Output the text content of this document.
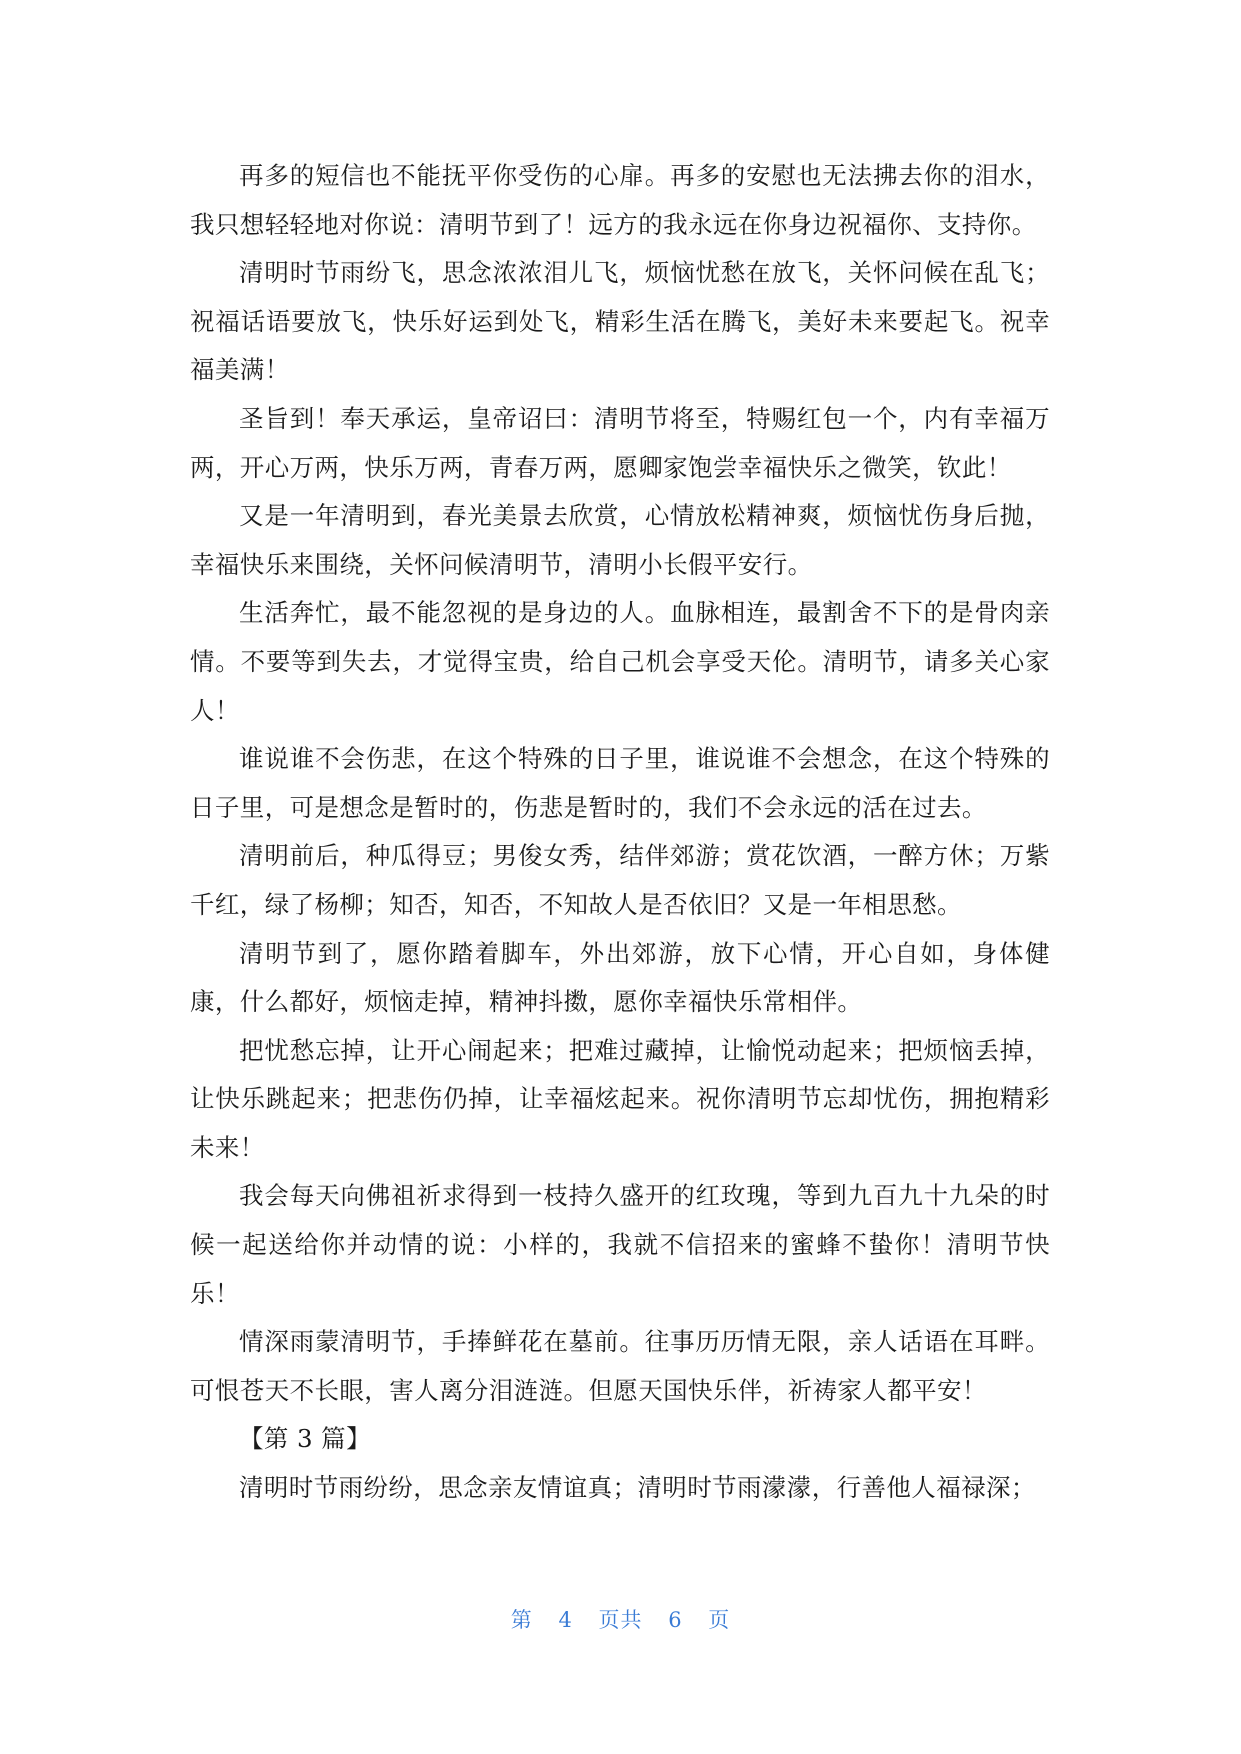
再多的短信也不能抚平你受伤的心扉。再多的安慰也无法拂去你的泪水，我只想轻轻地对你说：清明节到了！远方的我永远在你身边祝福你、支持你。

清明时节雨纷飞，思念浓浓泪儿飞，烦恼忧愁在放飞，关怀问候在乱飞；祝福话语要放飞，快乐好运到处飞，精彩生活在腾飞，美好未来要起飞。祝幸福美满！

圣旨到！奉天承运，皇帝诏曰：清明节将至，特赐红包一个，内有幸福万两，开心万两，快乐万两，青春万两，愿卿家饱尝幸福快乐之微笑，钦此！

又是一年清明到，春光美景去欣赏，心情放松精神爽，烦恼忧伤身后抛，幸福快乐来围绕，关怀问候清明节，清明小长假平安行。

生活奔忙，最不能忽视的是身边的人。血脉相连，最割舍不下的是骨肉亲情。不要等到失去，才觉得宝贵，给自己机会享受天伦。清明节，请多关心家人！

谁说谁不会伤悲，在这个特殊的日子里，谁说谁不会想念，在这个特殊的日子里，可是想念是暂时的，伤悲是暂时的，我们不会永远的活在过去。

清明前后，种瓜得豆；男俊女秀，结伴郊游；赏花饮酒，一醉方休；万紫千红，绿了杨柳；知否，知否，不知故人是否依旧？又是一年相思愁。

清明节到了，愿你踏着脚车，外出郊游，放下心情，开心自如，身体健康，什么都好，烦恼走掉，精神抖擞，愿你幸福快乐常相伴。

把忧愁忘掉，让开心闹起来；把难过藏掉，让愉悦动起来；把烦恼丢掉，让快乐跳起来；把悲伤仍掉，让幸福炫起来。祝你清明节忘却忧伤，拥抱精彩未来！

我会每天向佛祖祈求得到一枝持久盛开的红玫瑰，等到九百九十九朵的时候一起送给你并动情的说：小样的，我就不信招来的蜜蜂不蛰你！清明节快乐！

情深雨蒙清明节，手捧鲜花在墓前。往事历历情无限，亲人话语在耳畔。可恨苍天不长眼，害人离分泪涟涟。但愿天国快乐伴，祈祷家人都平安！

【第 3 篇】

清明时节雨纷纷，思念亲友情谊真；清明时节雨濛濛，行善他人福禄深；

第 4 页共 6 页
